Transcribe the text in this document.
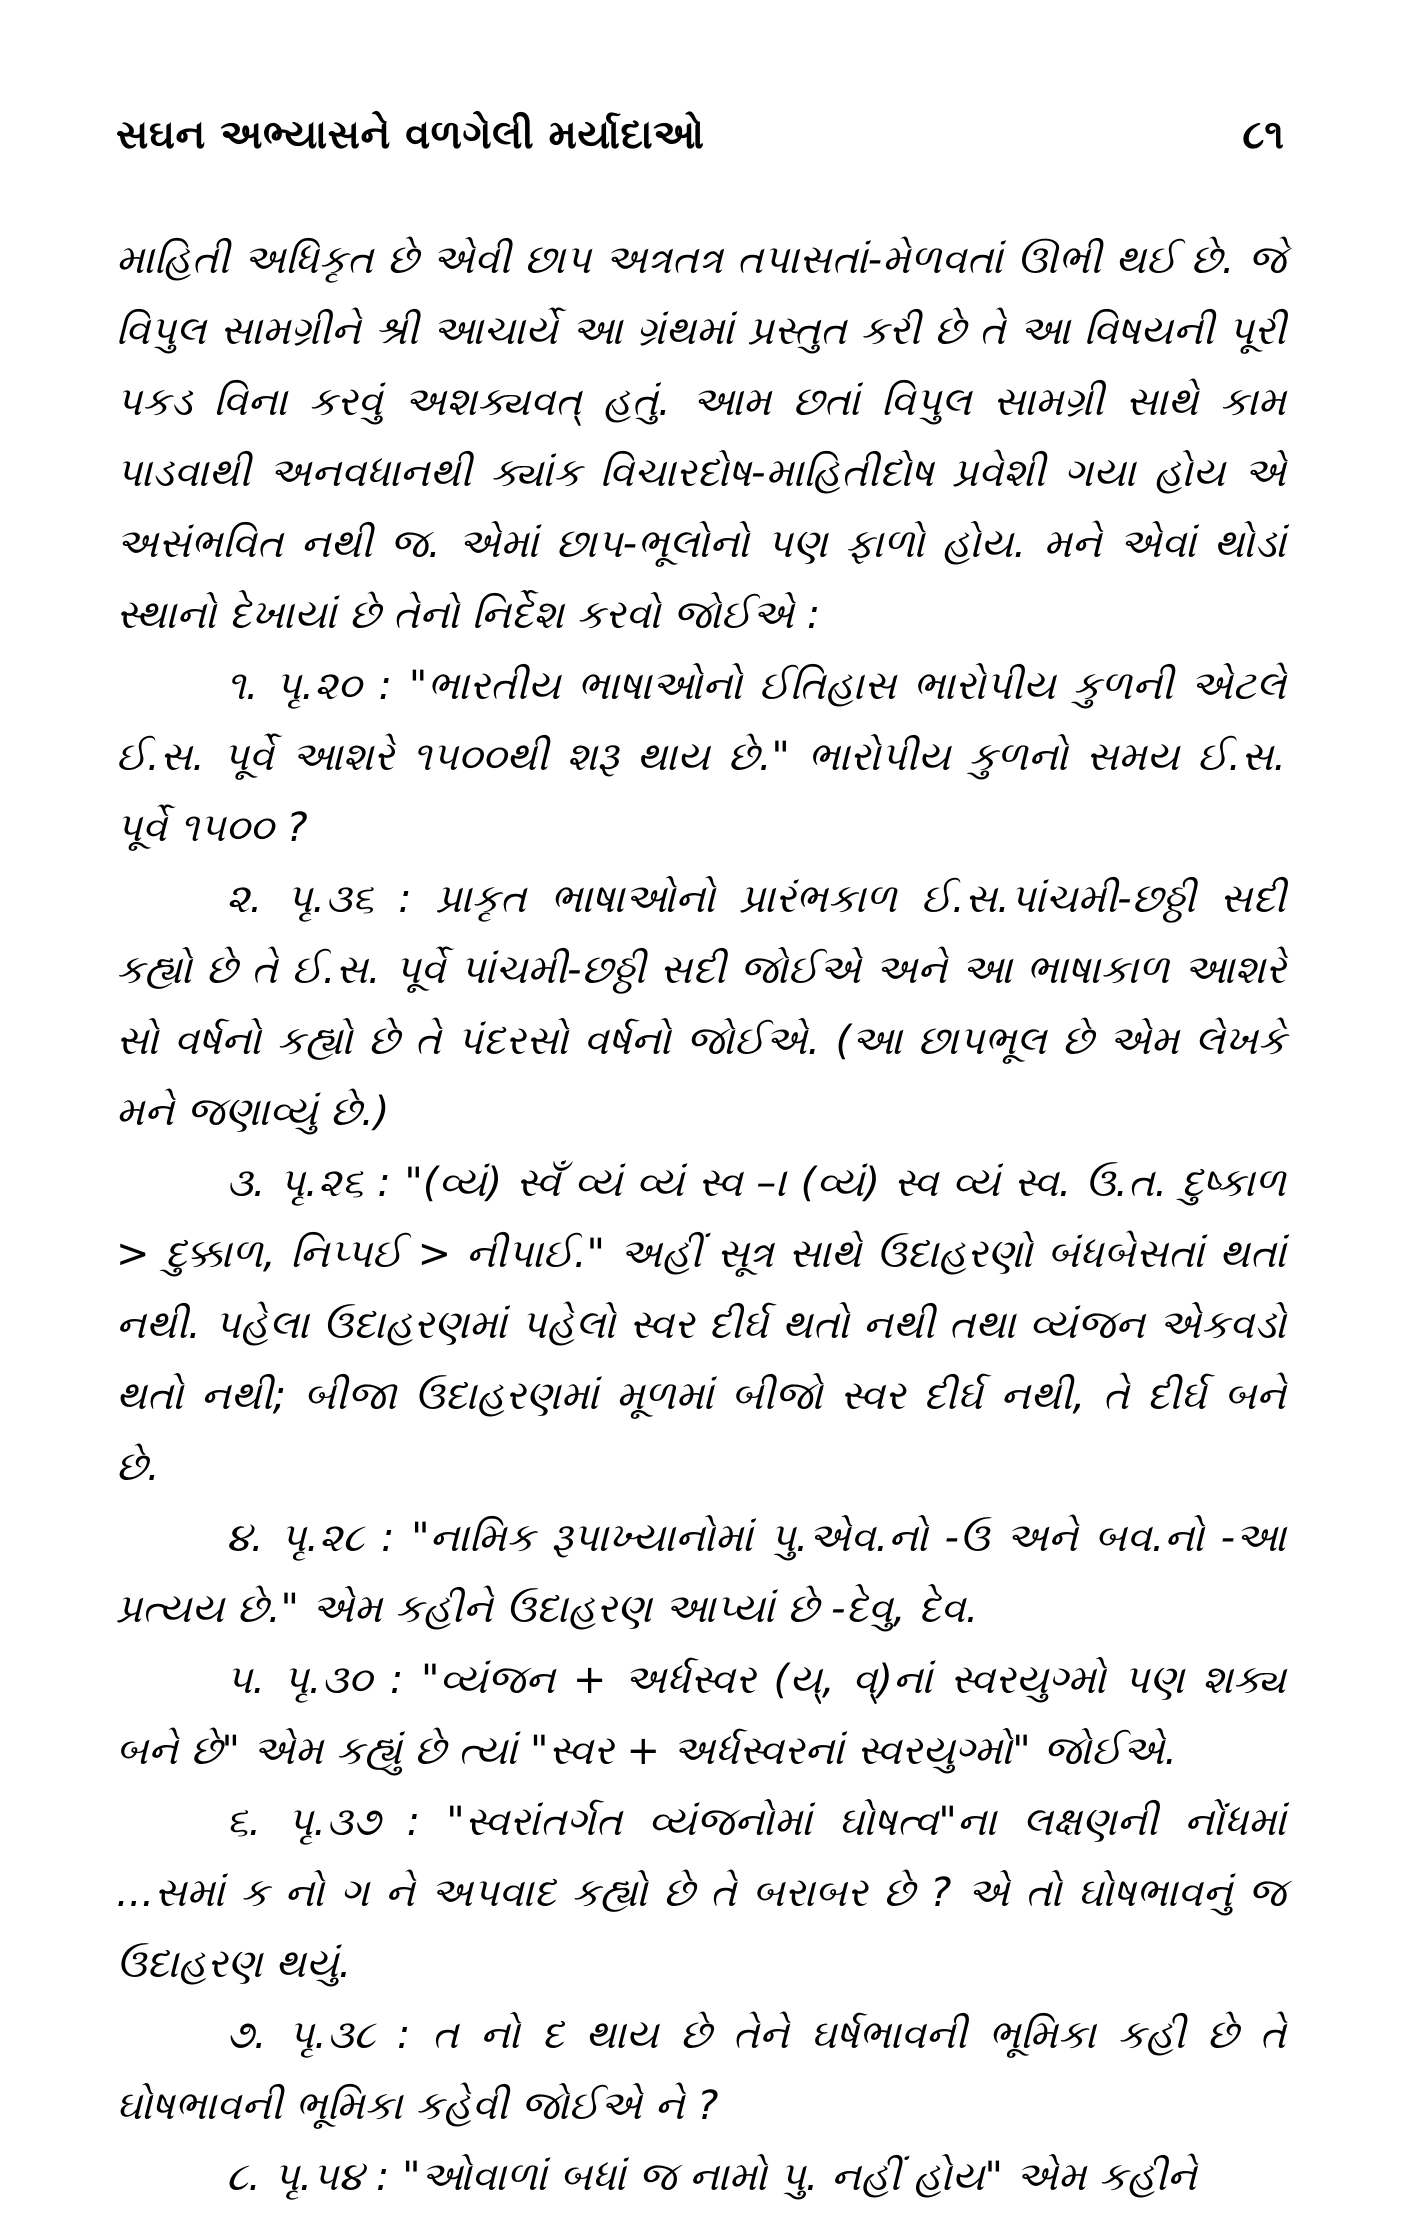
સઘન અભ્યાસને વળગેલી મર્યાદાઓ	૮૧

માહિતી અધિકૃત છે એવી છાપ અત્રતત્ર તપાસતાં-મેળવતાં ઊભી થઈ છે. જે વિપુલ સામગ્રીને શ્રી આચાર્યે આ ગ્રંથમાં પ્રસ્તુત કરી છે તે આ વિષયની પૂરી પકડ વિના કરવું અશક્યવત્ હતું. આમ છતાં વિપુલ સામગ્રી સાથે કામ પાડવાથી અનવધાનથી ક્યાંક વિચારદોષ-માહિતીદોષ પ્રવેશી ગયા હોય એ અસંભવિત નથી જ. એમાં છાપ-ભૂલોનો પણ ફાળો હોય. મને એવાં થોડાં સ્થાનો દેખાયાં છે તેનો નિર્દેશ કરવો જોઈએ :

૧. પૃ.૨૦ : "ભારતીય ભાષાઓનો ઈતિહાસ ભારોપીય કુળની એટલે ઈ.સ. પૂર્વે આશરે ૧૫૦૦થી શરૂ થાય છે." ભારોપીય કુળનો સમય ઈ.સ. પૂર્વે ૧૫૦૦ ?

૨. પૃ.૩૬ : પ્રાકૃત ભાષાઓનો પ્રારંભકાળ ઈ.સ.પાંચમી-છઠ્ઠી સદી કહ્યો છે તે ઈ.સ. પૂર્વે પાંચમી-છઠ્ઠી સદી જોઈએ અને આ ભાષાકાળ આશરે સો વર્ષનો કહ્યો છે તે પંદરસો વર્ષનો જોઈએ. (આ છાપભૂલ છે એમ લેખકે મને જણાવ્યું છે.)

૩. પૃ.૨૬ : "(વ્યં) સ્વઁ વ્યં વ્યં સ્વ –। (વ્યં) સ્વ વ્યં સ્વ. ઉ.ત. દુષ્કાળ > દુક્કાળ, નિપ્પઈ > નીપાઈ." અહીં સૂત્ર સાથે ઉદાહરણો બંધબેસતાં થતાં નથી. પહેલા ઉદાહરણમાં પહેલો સ્વર દીર્ઘ થતો નથી તથા વ્યંજન એકવડો થતો નથી; બીજા ઉદાહરણમાં મૂળમાં બીજો સ્વર દીર્ઘ નથી, તે દીર્ઘ બને છે.

૪. પૃ.૨૮ : "નામિક રૂપાખ્યાનોમાં પુ.એવ.નો -ઉ અને બવ.નો -આ પ્રત્યય છે." એમ કહીને ઉદાહરણ આપ્યાં છે -દેવુ, દેવ.

૫. પૃ.૩૦ : "વ્યંજન + અર્ધસ્વર (ય્, વ્)નાં સ્વરયુગ્મો પણ શક્ય બને છે" એમ કહ્યું છે ત્યાં "સ્વર + અર્ધસ્વરનાં સ્વરયુગ્મો" જોઈએ.

૬. પૃ.૩૭ : "સ્વરાંતર્ગત વ્યંજનોમાં ઘોષત્વ"ના લક્ષણની નોંધમાં ...સમાં ક નો ગ ને અપવાદ કહ્યો છે તે બરાબર છે ? એ તો ઘોષભાવનું જ ઉદાહરણ થયું.

૭. પૃ.૩૮ : ત નો દ થાય છે તેને ઘર્ષભાવની ભૂમિકા કહી છે તે ઘોષભાવની ભૂમિકા કહેવી જોઈએ ને ?

૮. પૃ.૫૪ : "ઓવાળાં બધાં જ નામો પુ. નહીં હોય" એમ કહીને
